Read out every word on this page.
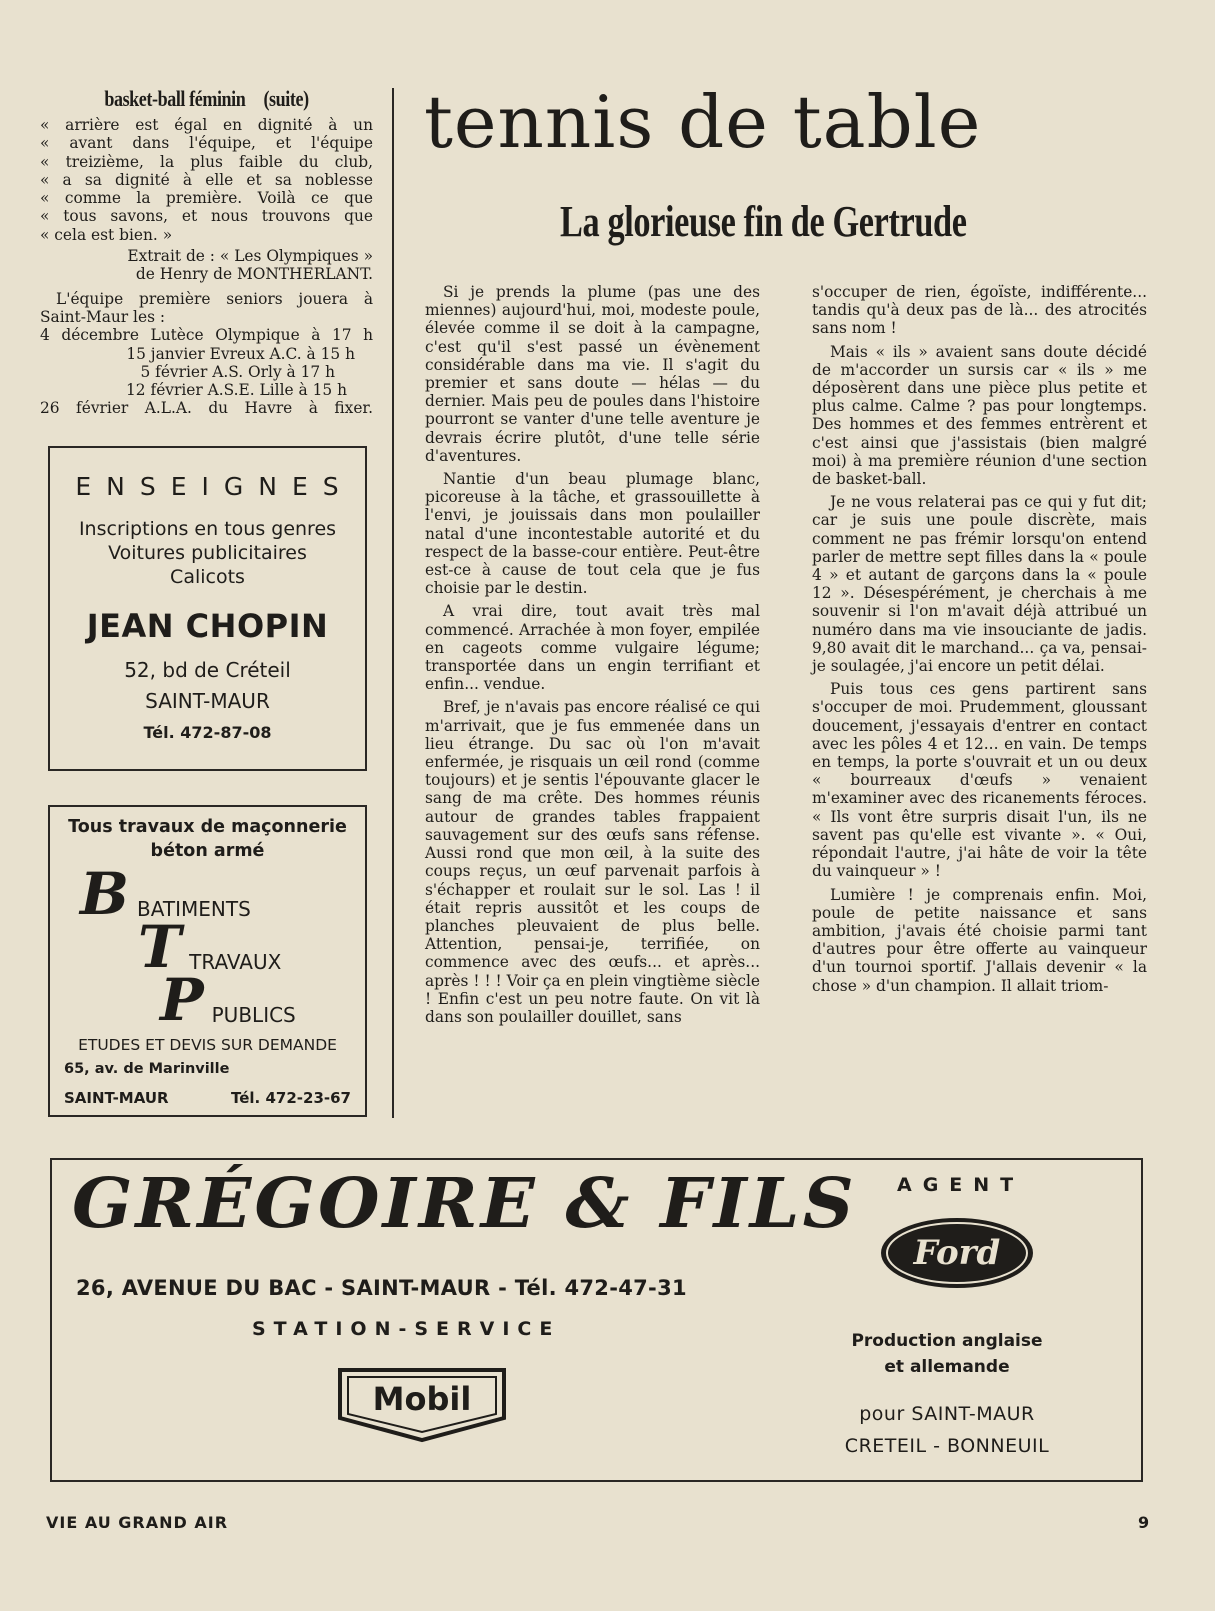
basket-ball féminin (suite)
« arrière est égal en dignité à un
« avant dans l'équipe, et l'équipe
« treizième, la plus faible du club,
« a sa dignité à elle et sa noblesse
« comme la première. Voilà ce que
« tous savons, et nous trouvons que
« cela est bien. »
Extrait de : « Les Olympiques »
de Henry de MONTHERLANT.
L'équipe première seniors jouera à Saint-Maur les :
4 décembre Lutèce Olympique à 17 h
15 janvier Evreux A.C. à 15 h
5 février A.S. Orly à 17 h
12 février A.S.E. Lille à 15 h
26 février A.L.A. du Havre à fixer.
ENSEIGNES
Inscriptions en tous genres
Voitures publicitaires
Calicots
JEAN CHOPIN
52, bd de Créteil
SAINT-MAUR
Tél. 472-87-08
Tous travaux de maçonnerie
béton armé
B BATIMENTS
T TRAVAUX
P PUBLICS
ETUDES ET DEVIS SUR DEMANDE
65, av. de Marinville
SAINT-MAUR	Tél. 472-23-67
tennis de table
La glorieuse fin de Gertrude

Si je prends la plume (pas une des miennes) aujourd'hui, moi, modeste poule, élevée comme il se doit à la campagne, c'est qu'il s'est passé un évènement considérable dans ma vie. Il s'agit du premier et sans doute — hélas — du dernier. Mais peu de poules dans l'histoire pourront se vanter d'une telle aventure je devrais écrire plutôt, d'une telle série d'aventures.

Nantie d'un beau plumage blanc, picoreuse à la tâche, et grassouillette à l'envi, je jouissais dans mon poulailler natal d'une incontestable autorité et du respect de la basse-cour entière. Peut-être est-ce à cause de tout cela que je fus choisie par le destin.

A vrai dire, tout avait très mal commencé. Arrachée à mon foyer, empilée en cageots comme vulgaire légume; transportée dans un engin terrifiant et enfin... vendue.

Bref, je n'avais pas encore réalisé ce qui m'arrivait, que je fus emmenée dans un lieu étrange. Du sac où l'on m'avait enfermée, je risquais un œil rond (comme toujours) et je sentis l'épouvante glacer le sang de ma crête. Des hommes réunis autour de grandes tables frappaient sauvagement sur des œufs sans réfense. Aussi rond que mon œil, à la suite des coups reçus, un œuf parvenait parfois à s'échapper et roulait sur le sol. Las ! il était repris aussitôt et les coups de planches pleuvaient de plus belle. Attention, pensai-je, terrifiée, on commence avec des œufs... et après... après ! ! ! Voir ça en plein vingtième siècle ! Enfin c'est un peu notre faute. On vit là dans son poulailler douillet, sans

s'occuper de rien, égoïste, indifférente... tandis qu'à deux pas de là... des atrocités sans nom !

Mais « ils » avaient sans doute décidé de m'accorder un sursis car « ils » me déposèrent dans une pièce plus petite et plus calme. Calme ? pas pour longtemps. Des hommes et des femmes entrèrent et c'est ainsi que j'assistais (bien malgré moi) à ma première réunion d'une section de basket-ball.

Je ne vous relaterai pas ce qui y fut dit; car je suis une poule discrète, mais comment ne pas frémir lorsqu'on entend parler de mettre sept filles dans la « poule 4 » et autant de garçons dans la « poule 12 ». Désespérément, je cherchais à me souvenir si l'on m'avait déjà attribué un numéro dans ma vie insouciante de jadis. 9,80 avait dit le marchand... ça va, pensai-je soulagée, j'ai encore un petit délai.

Puis tous ces gens partirent sans s'occuper de moi. Prudemment, gloussant doucement, j'essayais d'entrer en contact avec les pôles 4 et 12... en vain. De temps en temps, la porte s'ouvrait et un ou deux « bourreaux d'œufs » venaient m'examiner avec des ricanements féroces. « Ils vont être surpris disait l'un, ils ne savent pas qu'elle est vivante ». « Oui, répondait l'autre, j'ai hâte de voir la tête du vainqueur » !

Lumière ! je comprenais enfin. Moi, poule de petite naissance et sans ambition, j'avais été choisie parmi tant d'autres pour être offerte au vainqueur d'un tournoi sportif. J'allais devenir « la chose » d'un champion. Il allait triom-

GRÉGOIRE & FILS
26, AVENUE DU BAC - SAINT-MAUR - Tél. 472-47-31
STATION-SERVICE
Mobil
AGENT
Ford
Production anglaise
et allemande
pour SAINT-MAUR
CRETEIL - BONNEUIL
VIE AU GRAND AIR	9
